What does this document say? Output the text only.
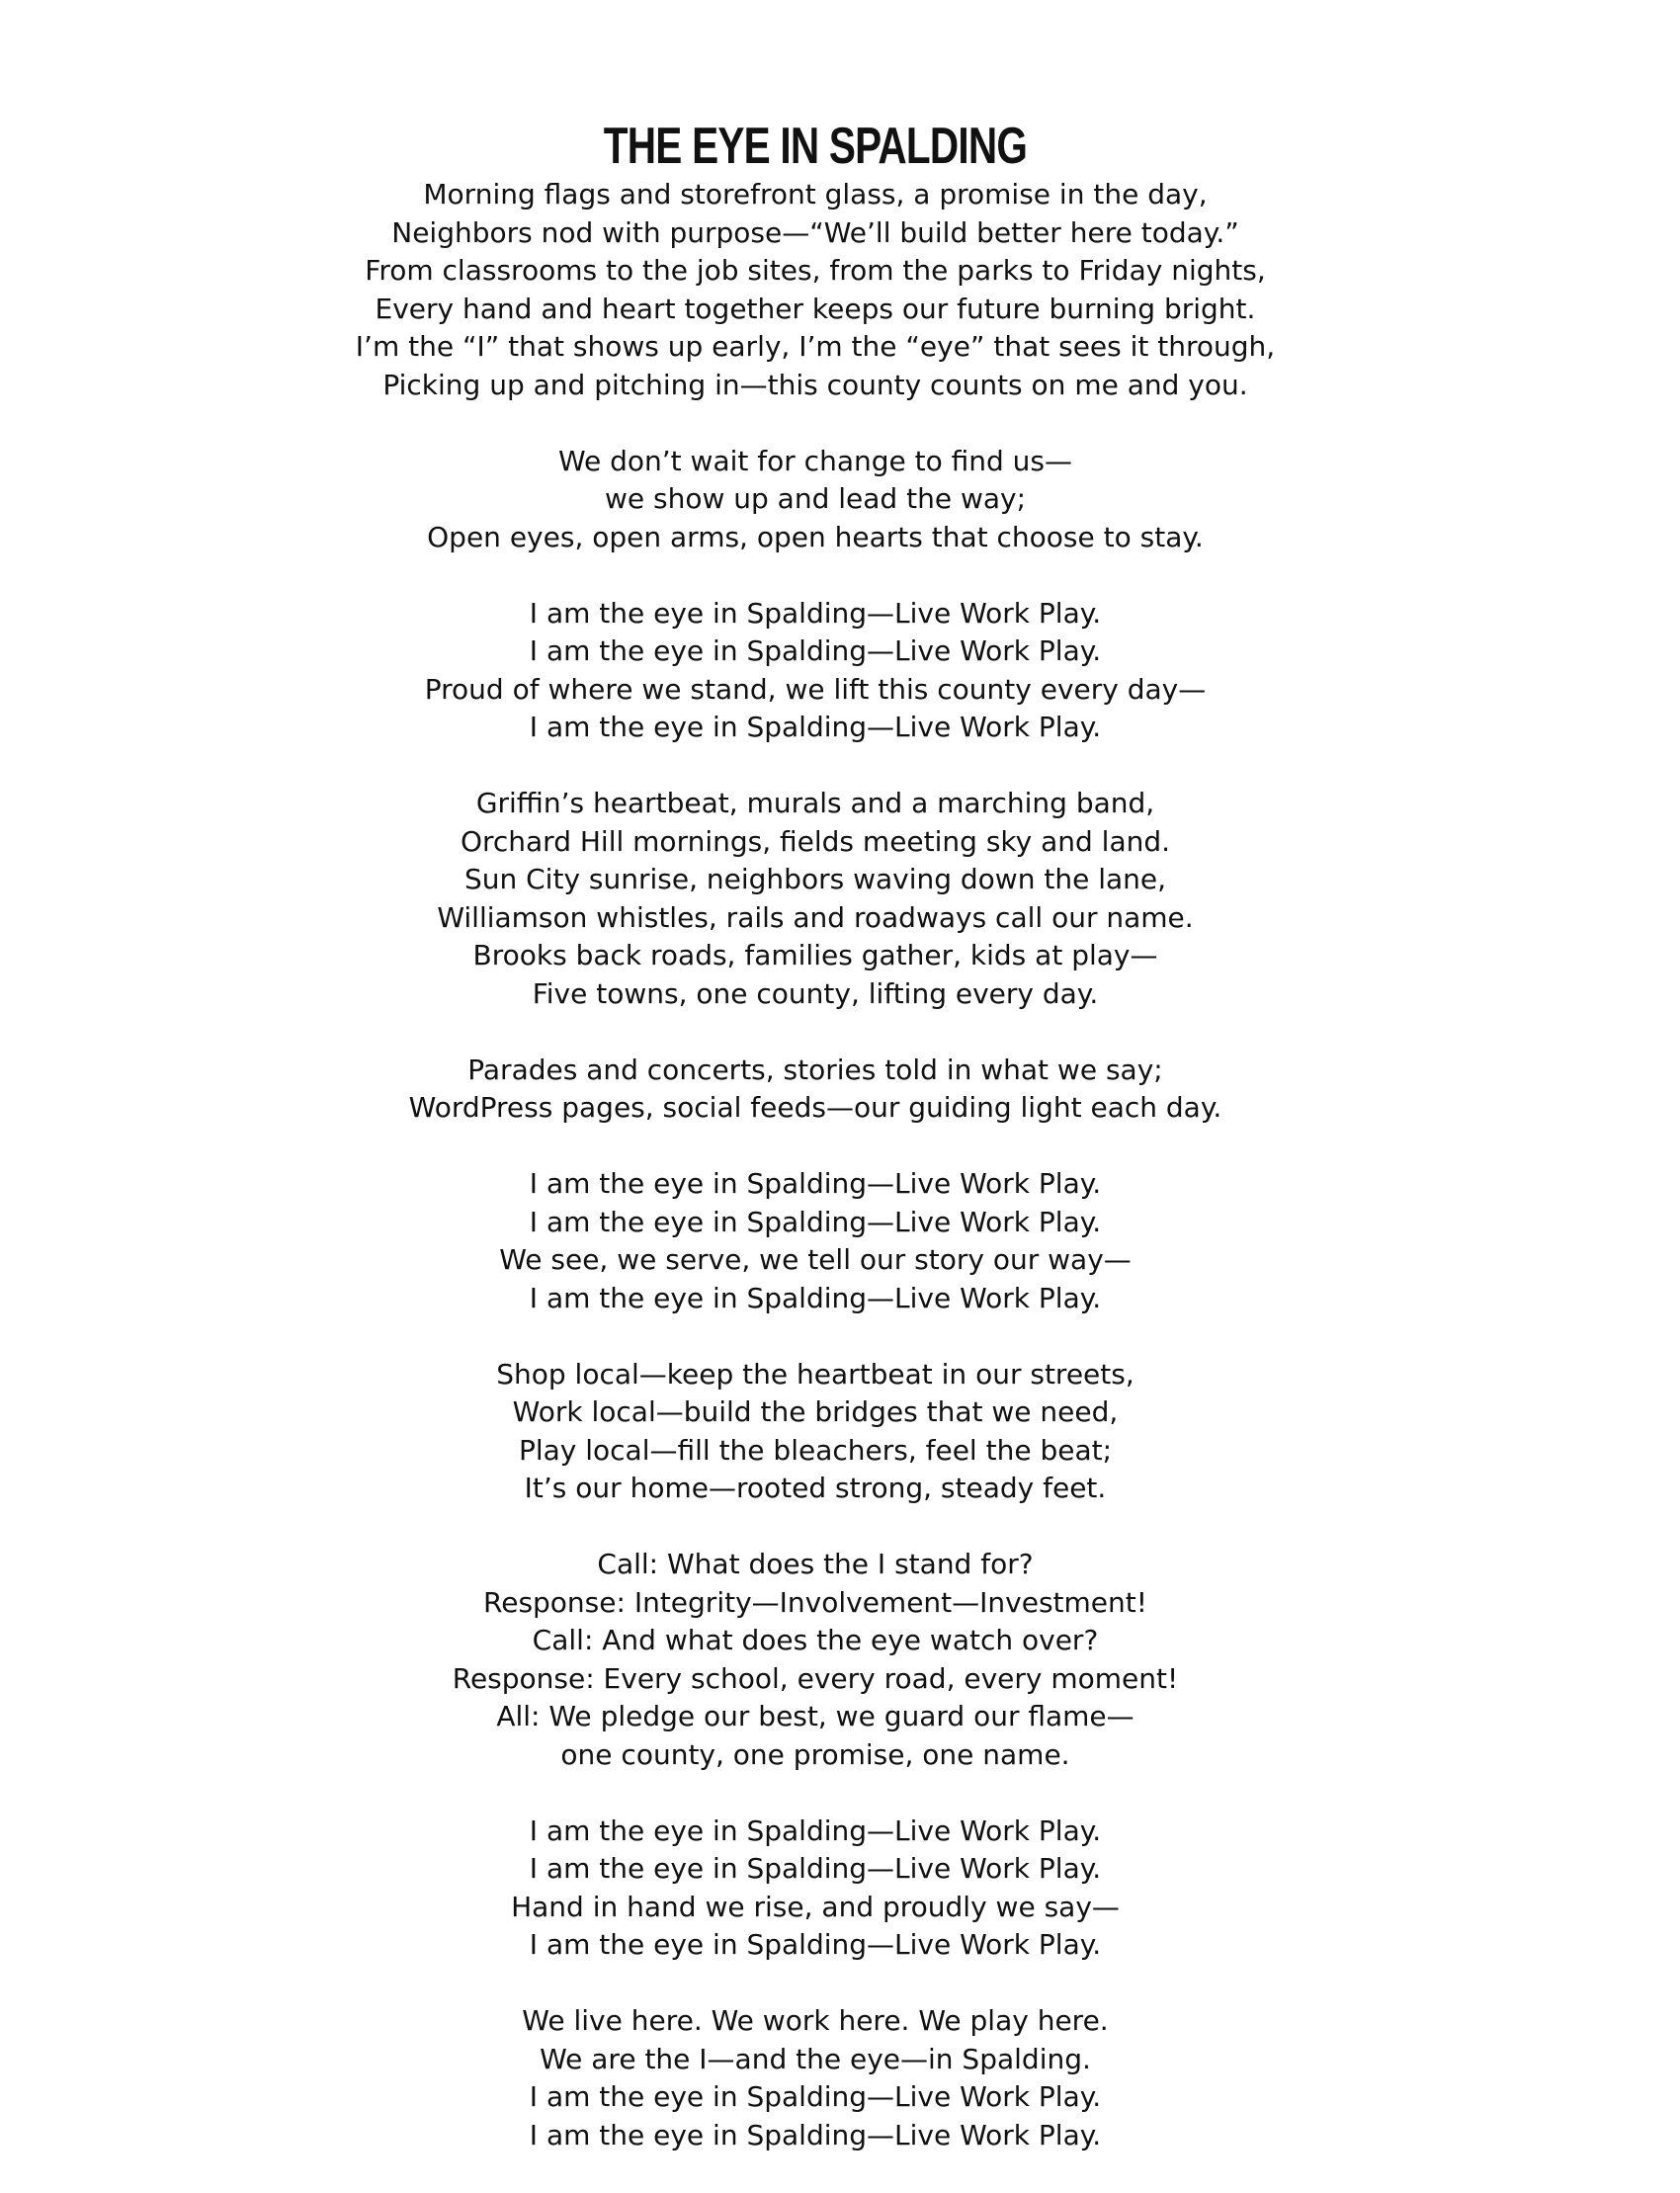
THE EYE IN SPALDING
Morning flags and storefront glass, a promise in the day,
Neighbors nod with purpose—“We’ll build better here today.”
From classrooms to the job sites, from the parks to Friday nights,
Every hand and heart together keeps our future burning bright.
I’m the “I” that shows up early, I’m the “eye” that sees it through,
Picking up and pitching in—this county counts on me and you.
We don’t wait for change to find us—
we show up and lead the way;
Open eyes, open arms, open hearts that choose to stay.
I am the eye in Spalding—Live Work Play.
I am the eye in Spalding—Live Work Play.
Proud of where we stand, we lift this county every day—
I am the eye in Spalding—Live Work Play.
Griffin’s heartbeat, murals and a marching band,
Orchard Hill mornings, fields meeting sky and land.
Sun City sunrise, neighbors waving down the lane,
Williamson whistles, rails and roadways call our name.
Brooks back roads, families gather, kids at play—
Five towns, one county, lifting every day.
Parades and concerts, stories told in what we say;
WordPress pages, social feeds—our guiding light each day.
I am the eye in Spalding—Live Work Play.
I am the eye in Spalding—Live Work Play.
We see, we serve, we tell our story our way—
I am the eye in Spalding—Live Work Play.
Shop local—keep the heartbeat in our streets,
Work local—build the bridges that we need,
Play local—fill the bleachers, feel the beat;
It’s our home—rooted strong, steady feet.
Call: What does the I stand for?
Response: Integrity—Involvement—Investment!
Call: And what does the eye watch over?
Response: Every school, every road, every moment!
All: We pledge our best, we guard our flame—
one county, one promise, one name.
I am the eye in Spalding—Live Work Play.
I am the eye in Spalding—Live Work Play.
Hand in hand we rise, and proudly we say—
I am the eye in Spalding—Live Work Play.
We live here. We work here. We play here.
We are the I—and the eye—in Spalding.
I am the eye in Spalding—Live Work Play.
I am the eye in Spalding—Live Work Play.
